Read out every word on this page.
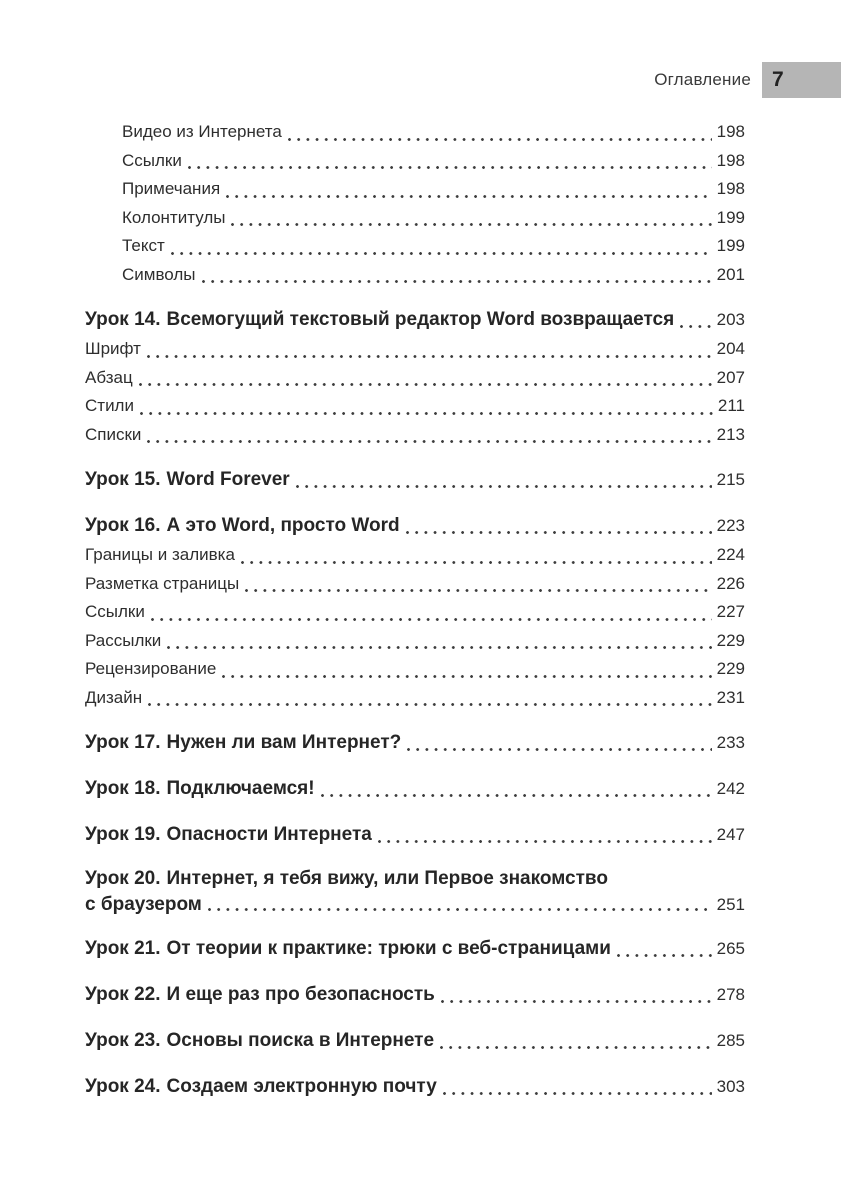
Оглавление 7
Видео из Интернета	198
Ссылки	198
Примечания	198
Колонтитулы	199
Текст	199
Символы	201
Урок 14. Всемогущий текстовый редактор Word возвращается 203
Шрифт	204
Абзац	207
Стили	211
Списки	213
Урок 15. Word Forever	215
Урок 16. А это Word, просто Word	223
Границы и заливка	224
Разметка страницы	226
Ссылки	227
Рассылки	229
Рецензирование	229
Дизайн	231
Урок 17. Нужен ли вам Интернет?	233
Урок 18. Подключаемся!	242
Урок 19. Опасности Интернета	247
Урок 20. Интернет, я тебя вижу, или Первое знакомство
с браузером	251
Урок 21. От теории к практике: трюки с веб-страницами	265
Урок 22. И еще раз про безопасность	278
Урок 23. Основы поиска в Интернете	285
Урок 24. Создаем электронную почту	303
